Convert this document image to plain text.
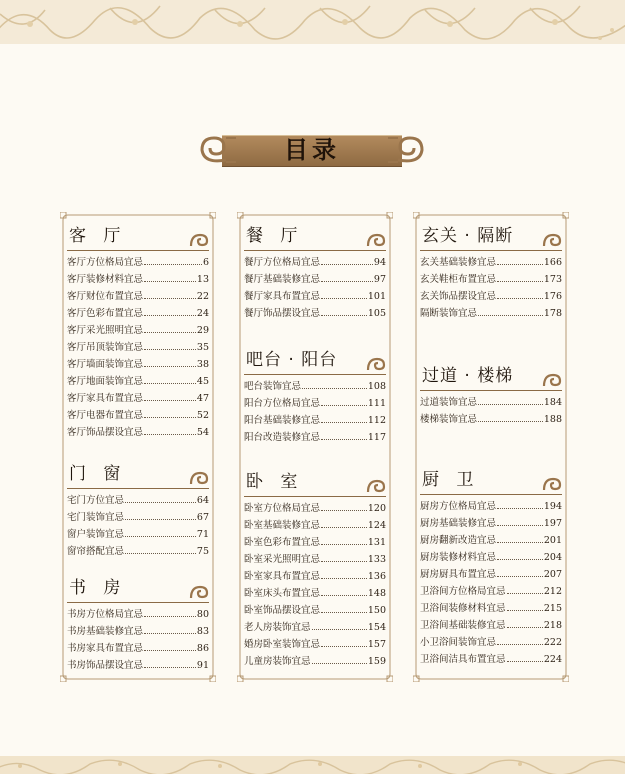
目录
客 厅
客厅方位格局宜忌	6
客厅装修材料宜忌	13
客厅财位布置宜忌	22
客厅色彩布置宜忌	24
客厅采光照明宜忌	29
客厅吊顶装饰宜忌	35
客厅墙面装饰宜忌	38
客厅地面装饰宜忌	45
客厅家具布置宜忌	47
客厅电器布置宜忌	52
客厅饰品摆设宜忌	54
门 窗
宅门方位宜忌	64
宅门装饰宜忌	67
窗户装饰宜忌	71
窗帘搭配宜忌	75
书 房
书房方位格局宜忌	80
书房基础装修宜忌	83
书房家具布置宜忌	86
书房饰品摆设宜忌	91
餐 厅
餐厅方位格局宜忌	94
餐厅基础装修宜忌	97
餐厅家具布置宜忌	101
餐厅饰品摆设宜忌	105
吧台 · 阳台
吧台装饰宜忌	108
阳台方位格局宜忌	111
阳台基础装修宜忌	112
阳台改造装修宜忌	117
卧 室
卧室方位格局宜忌	120
卧室基础装修宜忌	124
卧室色彩布置宜忌	131
卧室采光照明宜忌	133
卧室家具布置宜忌	136
卧室床头布置宜忌	148
卧室饰品摆设宜忌	150
老人房装饰宜忌	154
婚房卧室装饰宜忌	157
儿童房装饰宜忌	159
玄关 · 隔断
玄关基础装修宜忌	166
玄关鞋柜布置宜忌	173
玄关饰品摆设宜忌	176
隔断装饰宜忌	178
过道 · 楼梯
过道装饰宜忌	184
楼梯装饰宜忌	188
厨 卫
厨房方位格局宜忌	194
厨房基础装修宜忌	197
厨房翻新改造宜忌	201
厨房装修材料宜忌	204
厨房厨具布置宜忌	207
卫浴间方位格局宜忌	212
卫浴间装修材料宜忌	215
卫浴间基础装修宜忌	218
小卫浴间装饰宜忌	222
卫浴间洁具布置宜忌	224
